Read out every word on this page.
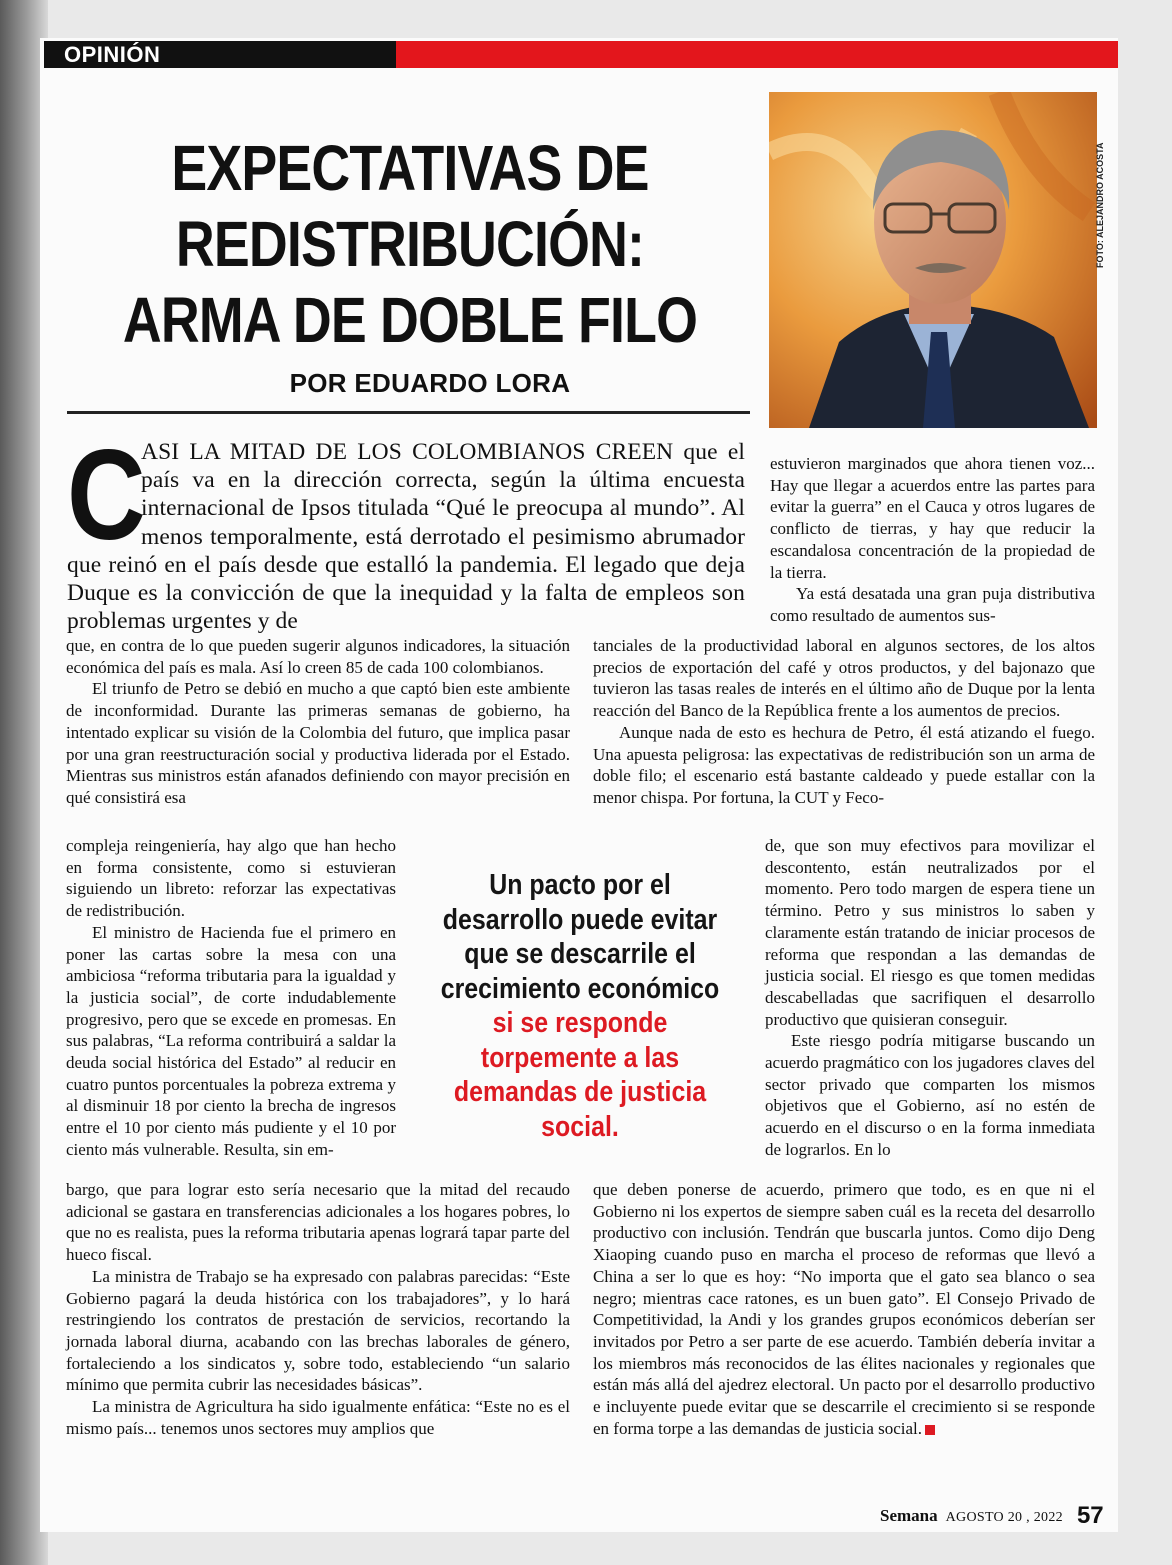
OPINIÓN
EXPECTATIVAS DE
REDISTRIBUCIÓN:
ARMA DE DOBLE FILO
POR EDUARDO LORA
FOTO: ALEJANDRO ACOSTA
C
ASI LA MITAD DE LOS COLOMBIANOS CREEN que el país va en la dirección correcta, según la última encuesta internacional de Ipsos titulada “Qué le preocupa al mundo”. Al menos temporalmente, está derrotado el pesimismo abrumador que reinó en el país desde que estalló la pandemia. El legado que deja Duque es la convicción de que la inequidad y la falta de empleos son problemas urgentes y de

que, en contra de lo que pueden sugerir algunos indicadores, la situación económica del país es mala. Así lo creen 85 de cada 100 colombianos.

El triunfo de Petro se debió en mucho a que captó bien este ambiente de inconformidad. Durante las primeras semanas de gobierno, ha intentado explicar su visión de la Colombia del futuro, que implica pasar por una gran reestructuración social y productiva liderada por el Estado. Mientras sus ministros están afanados definiendo con mayor precisión en qué consistirá esa

compleja reingeniería, hay algo que han hecho en forma consistente, como si estuvieran siguiendo un libreto: reforzar las expectativas de redistribución.

El ministro de Hacienda fue el primero en poner las cartas sobre la mesa con una ambiciosa “reforma tributaria para la igualdad y la justicia social”, de corte indudablemente progresivo, pero que se excede en promesas. En sus palabras, “La reforma contribuirá a saldar la deuda social histórica del Estado” al reducir en cuatro puntos porcentuales la pobreza extrema y al disminuir 18 por ciento la brecha de ingresos entre el 10 por ciento más pudiente y el 10 por ciento más vulnerable. Resulta, sin em-

bargo, que para lograr esto sería necesario que la mitad del recaudo adicional se gastara en transferencias adicionales a los hogares pobres, lo que no es realista, pues la reforma tributaria apenas logrará tapar parte del hueco fiscal.

La ministra de Trabajo se ha expresado con palabras parecidas: “Este Gobierno pagará la deuda histórica con los trabajadores”, y lo hará restringiendo los contratos de prestación de servicios, recortando la jornada laboral diurna, acabando con las brechas laborales de género, fortaleciendo a los sindicatos y, sobre todo, estableciendo “un salario mínimo que permita cubrir las necesidades básicas”.

La ministra de Agricultura ha sido igualmente enfática: “Este no es el mismo país... tenemos unos sectores muy amplios que

estuvieron marginados que ahora tienen voz... Hay que llegar a acuerdos entre las partes para evitar la guerra” en el Cauca y otros lugares de conflicto de tierras, y hay que reducir la escandalosa concentración de la propiedad de la tierra.

Ya está desatada una gran puja distributiva como resultado de aumentos sus-

tanciales de la productividad laboral en algunos sectores, de los altos precios de exportación del café y otros productos, y del bajonazo que tuvieron las tasas reales de interés en el último año de Duque por la lenta reacción del Banco de la República frente a los aumentos de precios.

Aunque nada de esto es hechura de Petro, él está atizando el fuego. Una apuesta peligrosa: las expectativas de redistribución son un arma de doble filo; el escenario está bastante caldeado y puede estallar con la menor chispa. Por fortuna, la CUT y Feco-

de, que son muy efectivos para movilizar el descontento, están neutralizados por el momento. Pero todo margen de espera tiene un término. Petro y sus ministros lo saben y claramente están tratando de iniciar procesos de reforma que respondan a las demandas de justicia social. El riesgo es que tomen medidas descabelladas que sacrifiquen el desarrollo productivo que quisieran conseguir.

Este riesgo podría mitigarse buscando un acuerdo pragmático con los jugadores claves del sector privado que comparten los mismos objetivos que el Gobierno, así no estén de acuerdo en el discurso o en la forma inmediata de lograrlos. En lo

que deben ponerse de acuerdo, primero que todo, es en que ni el Gobierno ni los expertos de siempre saben cuál es la receta del desarrollo productivo con inclusión. Tendrán que buscarla juntos. Como dijo Deng Xiaoping cuando puso en marcha el proceso de reformas que llevó a China a ser lo que es hoy: “No importa que el gato sea blanco o sea negro; mientras cace ratones, es un buen gato”. El Consejo Privado de Competitividad, la Andi y los grandes grupos económicos deberían ser invitados por Petro a ser parte de ese acuerdo. También debería invitar a los miembros más reconocidos de las élites nacionales y regionales que están más allá del ajedrez electoral. Un pacto por el desarrollo productivo e incluyente puede evitar que se descarrile el crecimiento si se responde en forma torpe a las demandas de justicia social.

Un pacto por el desarrollo puede evitar que se descarrile el crecimiento económico
si se responde torpemente a las demandas de justicia social.
Semana AGOSTO 20 , 2022 57
